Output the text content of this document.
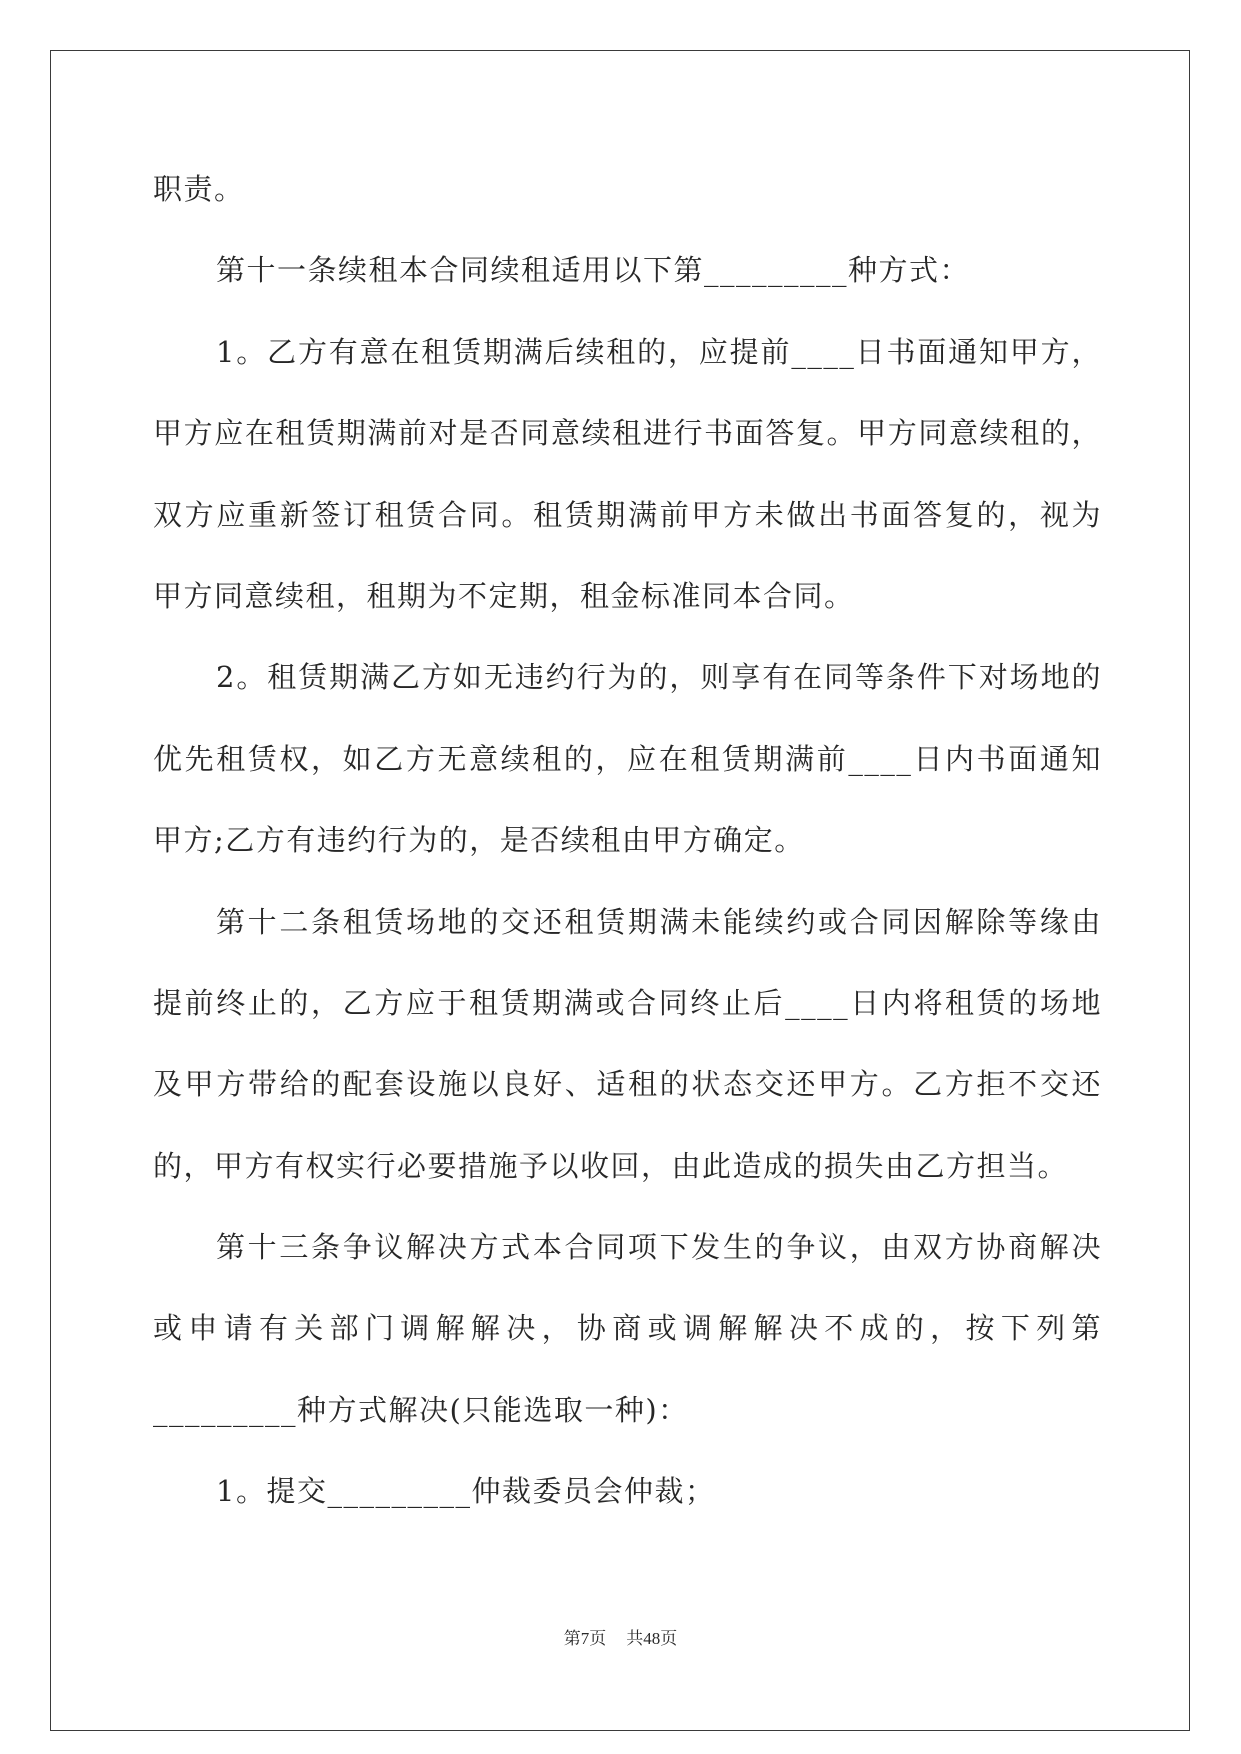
职责。
第十一条续租本合同续租适用以下第_________种方式：
1。乙方有意在租赁期满后续租的，应提前____日书面通知甲方，
甲方应在租赁期满前对是否同意续租进行书面答复。甲方同意续租的，
双方应重新签订租赁合同。租赁期满前甲方未做出书面答复的，视为
甲方同意续租，租期为不定期，租金标准同本合同。
2。租赁期满乙方如无违约行为的，则享有在同等条件下对场地的
优先租赁权，如乙方无意续租的，应在租赁期满前____日内书面通知
甲方;乙方有违约行为的，是否续租由甲方确定。
第十二条租赁场地的交还租赁期满未能续约或合同因解除等缘由
提前终止的，乙方应于租赁期满或合同终止后____日内将租赁的场地
及甲方带给的配套设施以良好、适租的状态交还甲方。乙方拒不交还
的，甲方有权实行必要措施予以收回，由此造成的损失由乙方担当。
第十三条争议解决方式本合同项下发生的争议，由双方协商解决
或申请有关部门调解解决，协商或调解解决不成的，按下列第
_________种方式解决(只能选取一种)：
1。提交_________仲裁委员会仲裁；
第7页 共48页
